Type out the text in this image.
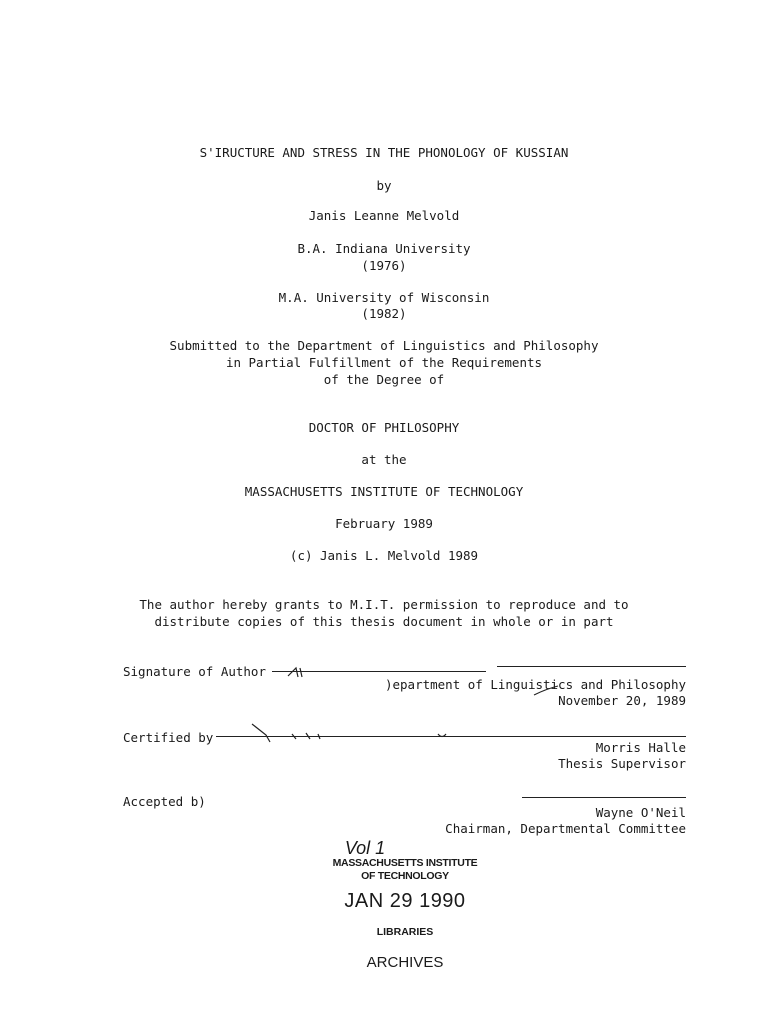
S'IRUCTURE AND STRESS IN THE PHONOLOGY OF KUSSIAN
by
Janis Leanne Melvold
B.A. Indiana University
(1976)
M.A. University of Wisconsin
(1982)
Submitted to the Department of Linguistics and Philosophy
in Partial Fulfillment of the Requirements
of the Degree of
DOCTOR OF PHILOSOPHY
at the
MASSACHUSETTS INSTITUTE OF TECHNOLOGY
February 1989
(c) Janis L. Melvold 1989
The author hereby grants to M.I.T. permission to reproduce and to
distribute copies of this thesis document in whole or in part
Signature of Author
)epartment of Linguistics and Philosophy
November 20, 1989
Certified by
Morris Halle
Thesis Supervisor
Accepted b)
Wayne O'Neil
Chairman, Departmental Committee
Vol 1
MASSACHUSETTS INSTITUTE
OF TECHNOLOGY
JAN 29 1990
LIBRARIES
ARCHIVES
